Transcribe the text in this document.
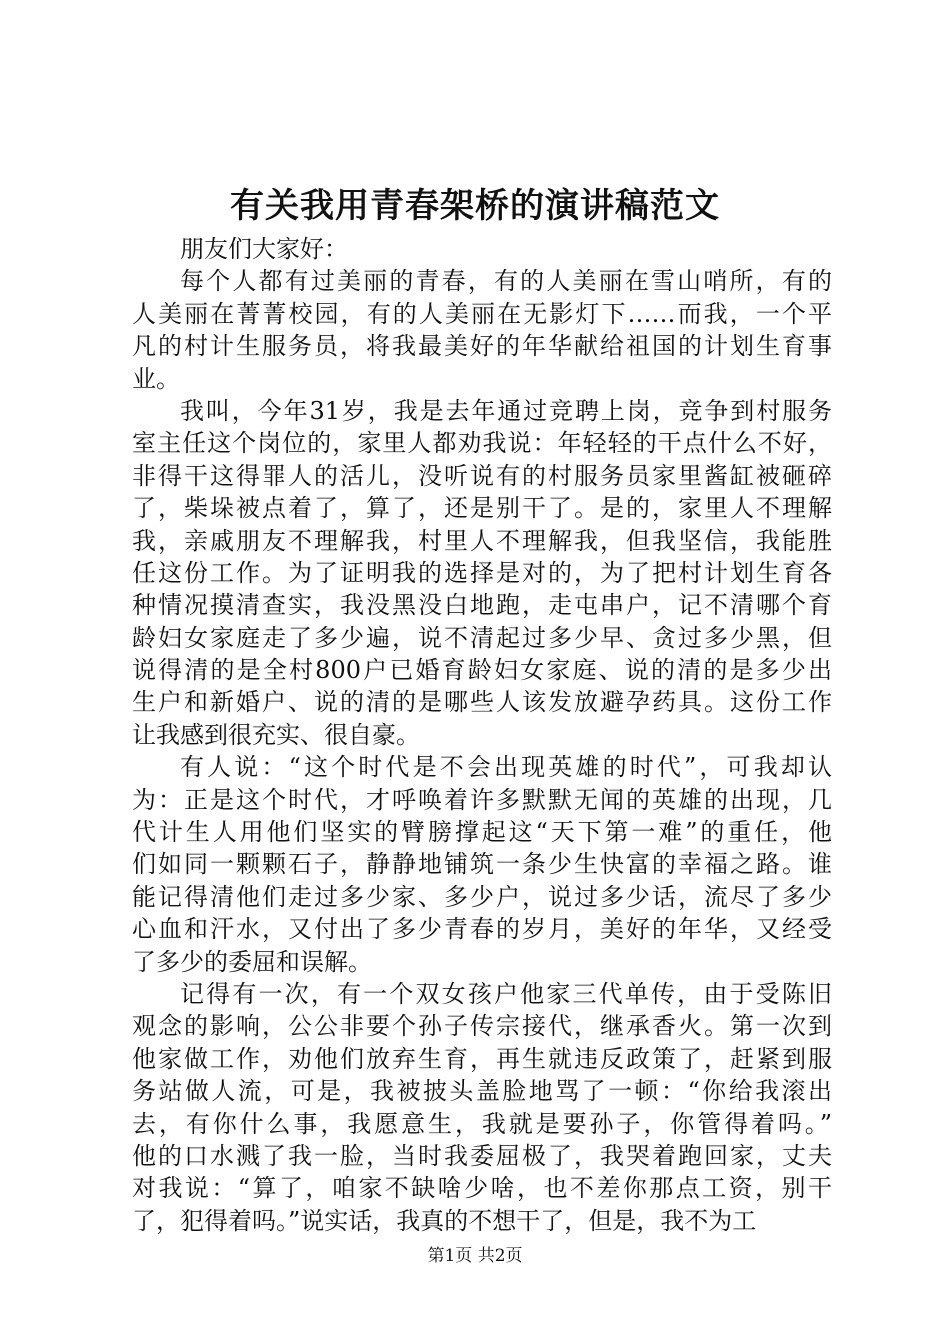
有关我用青春架桥的演讲稿范文
朋友们大家好：
每个人都有过美丽的青春，有的人美丽在雪山哨所，有的
人美丽在菁菁校园，有的人美丽在无影灯下……而我，一个平
凡的村计生服务员，将我最美好的年华献给祖国的计划生育事
业。
我叫，今年31岁，我是去年通过竞聘上岗，竞争到村服务
室主任这个岗位的，家里人都劝我说：年轻轻的干点什么不好，
非得干这得罪人的活儿，没听说有的村服务员家里酱缸被砸碎
了，柴垛被点着了，算了，还是别干了。是的，家里人不理解
我，亲戚朋友不理解我，村里人不理解我，但我坚信，我能胜
任这份工作。为了证明我的选择是对的，为了把村计划生育各
种情况摸清查实，我没黑没白地跑，走屯串户，记不清哪个育
龄妇女家庭走了多少遍，说不清起过多少早、贪过多少黑，但
说得清的是全村800户已婚育龄妇女家庭、说的清的是多少出
生户和新婚户、说的清的是哪些人该发放避孕药具。这份工作
让我感到很充实、很自豪。
有人说：“这个时代是不会出现英雄的时代”，可我却认
为：正是这个时代，才呼唤着许多默默无闻的英雄的出现，几
代计生人用他们坚实的臂膀撑起这“天下第一难”的重任，他
们如同一颗颗石子，静静地铺筑一条少生快富的幸福之路。谁
能记得清他们走过多少家、多少户，说过多少话，流尽了多少
心血和汗水，又付出了多少青春的岁月，美好的年华，又经受
了多少的委屈和误解。
记得有一次，有一个双女孩户他家三代单传，由于受陈旧
观念的影响，公公非要个孙子传宗接代，继承香火。第一次到
他家做工作，劝他们放弃生育，再生就违反政策了，赶紧到服
务站做人流，可是，我被披头盖脸地骂了一顿：“你给我滚出
去，有你什么事，我愿意生，我就是要孙子，你管得着吗。”
他的口水溅了我一脸，当时我委屈极了，我哭着跑回家，丈夫
对我说：“算了，咱家不缺啥少啥，也不差你那点工资，别干
了，犯得着吗。”说实话，我真的不想干了，但是，我不为工
第1页 共2页
